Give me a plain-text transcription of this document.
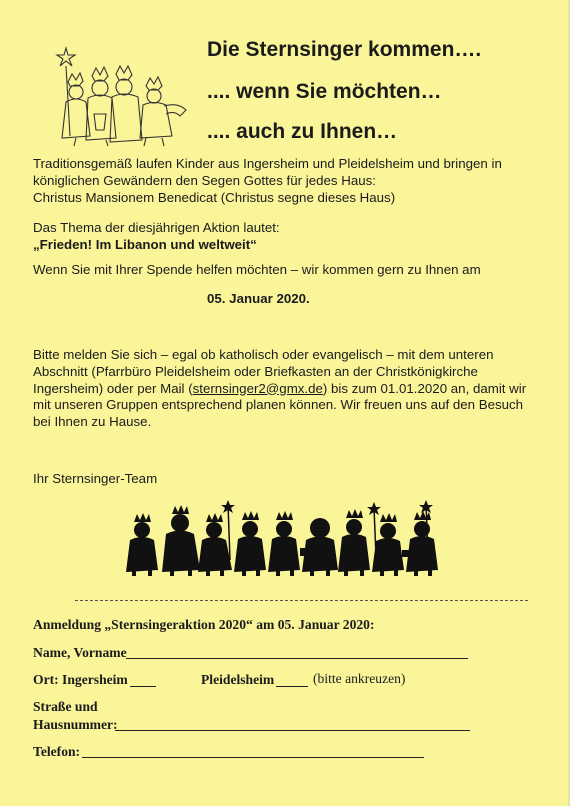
Die Sternsinger kommen….
.... wenn Sie möchten…
.... auch zu Ihnen…
Traditionsgemäß laufen Kinder aus Ingersheim und Pleidelsheim und bringen in
königlichen Gewändern den Segen Gottes für jedes Haus:
Christus Mansionem Benedicat (Christus segne dieses Haus)
Das Thema der diesjährigen Aktion lautet:
„Frieden! Im Libanon und weltweit“
Wenn Sie mit Ihrer Spende helfen möchten – wir kommen gern zu Ihnen am
05. Januar 2020.
Bitte melden Sie sich – egal ob katholisch oder evangelisch – mit dem unteren
Abschnitt (Pfarrbüro Pleidelsheim oder Briefkasten an der Christkönigkirche
Ingersheim) oder per Mail (sternsinger2@gmx.de) bis zum 01.01.2020 an, damit wir
mit unseren Gruppen entsprechend planen können. Wir freuen uns auf den Besuch
bei Ihnen zu Hause.
Ihr Sternsinger-Team
Anmeldung „Sternsingeraktion 2020“ am 05. Januar 2020:
Name, Vorname
Ort: Ingersheim	Pleidelsheim	(bitte ankreuzen)
Straße und
Hausnummer:
Telefon:
